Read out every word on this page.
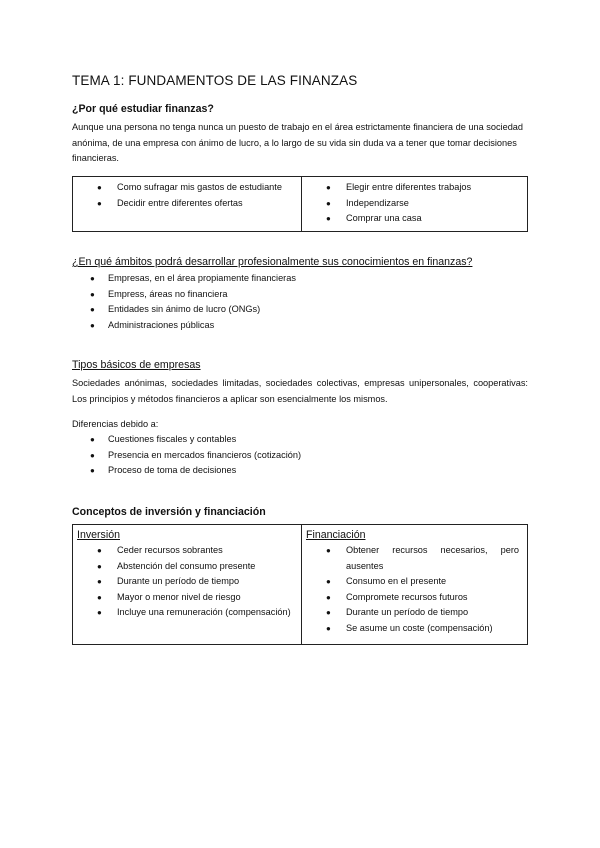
TEMA 1: FUNDAMENTOS DE LAS FINANZAS
¿Por qué estudiar finanzas?
Aunque una persona no tenga nunca un puesto de trabajo en el área estrictamente financiera de una sociedad anónima, de una empresa con ánimo de lucro, a lo largo de su vida sin duda va a tener que tomar decisiones financieras.
● Como sufragar mis gastos de estudiante
● Decidir entre diferentes ofertas

● Elegir entre diferentes trabajos
● Independizarse
● Comprar una casa
¿En qué ámbitos podrá desarrollar profesionalmente sus conocimientos en finanzas?
● Empresas, en el área propiamente financieras
● Empress, áreas no financiera
● Entidades sin ánimo de lucro (ONGs)
● Administraciones públicas
Tipos básicos de empresas
Sociedades anónimas, sociedades limitadas, sociedades colectivas, empresas unipersonales, cooperativas: Los principios y métodos financieros a aplicar son esencialmente los mismos.
Diferencias debido a:
● Cuestiones fiscales y contables
● Presencia en mercados financieros (cotización)
● Proceso de toma de decisiones
Conceptos de inversión y financiación
Inversión
● Ceder recursos sobrantes
● Abstención del consumo presente
● Durante un período de tiempo
● Mayor o menor nivel de riesgo
● Incluye una remuneración (compensación)

Financiación
● Obtener recursos necesarios, pero ausentes
● Consumo en el presente
● Compromete recursos futuros
● Durante un período de tiempo
● Se asume un coste (compensación)
